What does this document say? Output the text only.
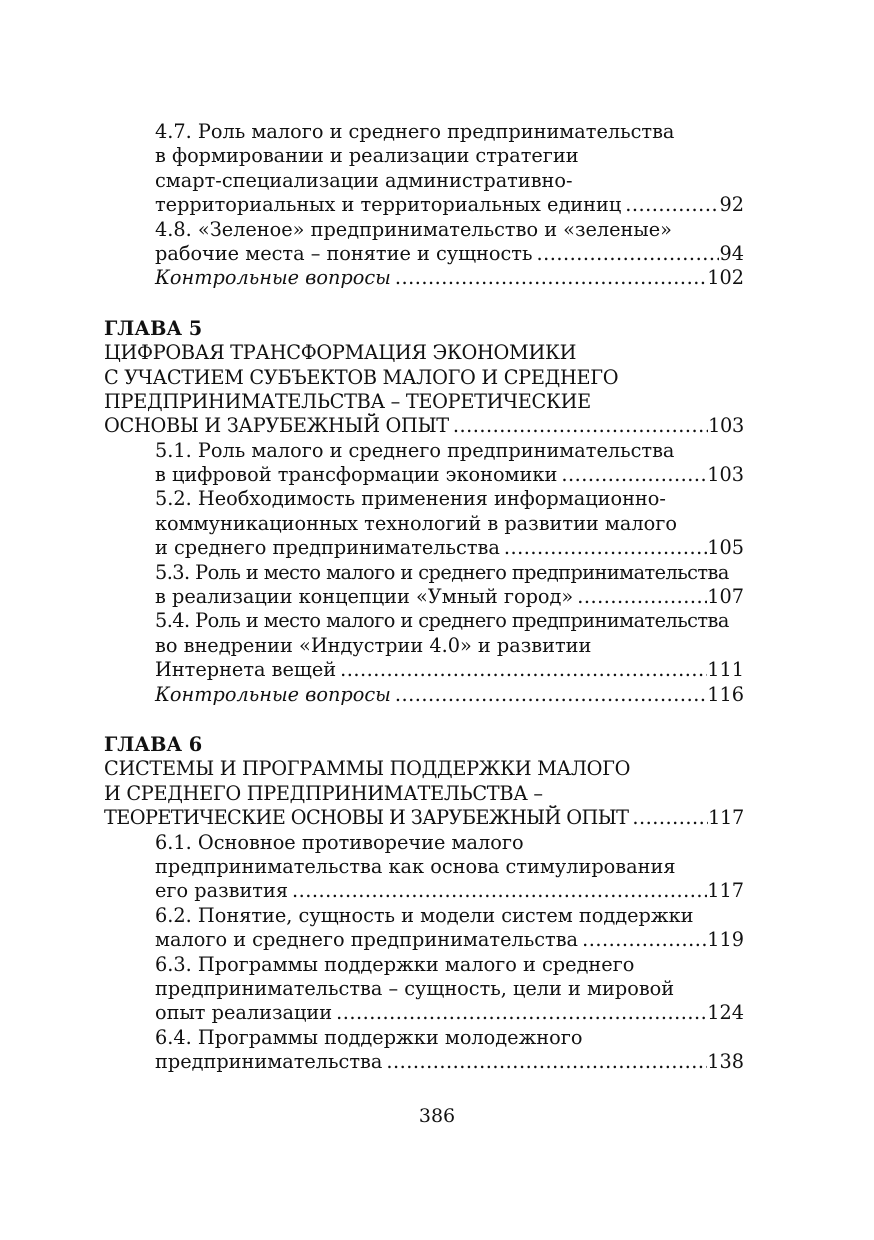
4.7. Роль малого и среднего предпринимательства
в формировании и реализации стратегии
смарт-специализации административно-
территориальных и территориальных единиц .....	92
4.8. «Зеленое» предпринимательство и «зеленые»
рабочие места – понятие и сущность .....	94
Контрольные вопросы .....	102
ГЛАВА 5
ЦИФРОВАЯ ТРАНСФОРМАЦИЯ ЭКОНОМИКИ
С УЧАСТИЕМ СУБЪЕКТОВ МАЛОГО И СРЕДНЕГО
ПРЕДПРИНИМАТЕЛЬСТВА – ТЕОРЕТИЧЕСКИЕ
ОСНОВЫ И ЗАРУБЕЖНЫЙ ОПЫТ .....	103
5.1. Роль малого и среднего предпринимательства
в цифровой трансформации экономики .....	103
5.2. Необходимость применения информационно-
коммуникационных технологий в развитии малого
и среднего предпринимательства .....	105
5.3. Роль и место малого и среднего предпринимательства
в реализации концепции «Умный город» .....	107
5.4. Роль и место малого и среднего предпринимательства
во внедрении «Индустрии 4.0» и развитии
Интернета вещей .....	111
Контрольные вопросы .....	116
ГЛАВА 6
СИСТЕМЫ И ПРОГРАММЫ ПОДДЕРЖКИ МАЛОГО
И СРЕДНЕГО ПРЕДПРИНИМАТЕЛЬСТВА –
ТЕОРЕТИЧЕСКИЕ ОСНОВЫ И ЗАРУБЕЖНЫЙ ОПЫТ .....	117
6.1. Основное противоречие малого
предпринимательства как основа стимулирования
его развития .....	117
6.2. Понятие, сущность и модели систем поддержки
малого и среднего предпринимательства .....	119
6.3. Программы поддержки малого и среднего
предпринимательства – сущность, цели и мировой
опыт реализации .....	124
6.4. Программы поддержки молодежного
предпринимательства .....	138
386
